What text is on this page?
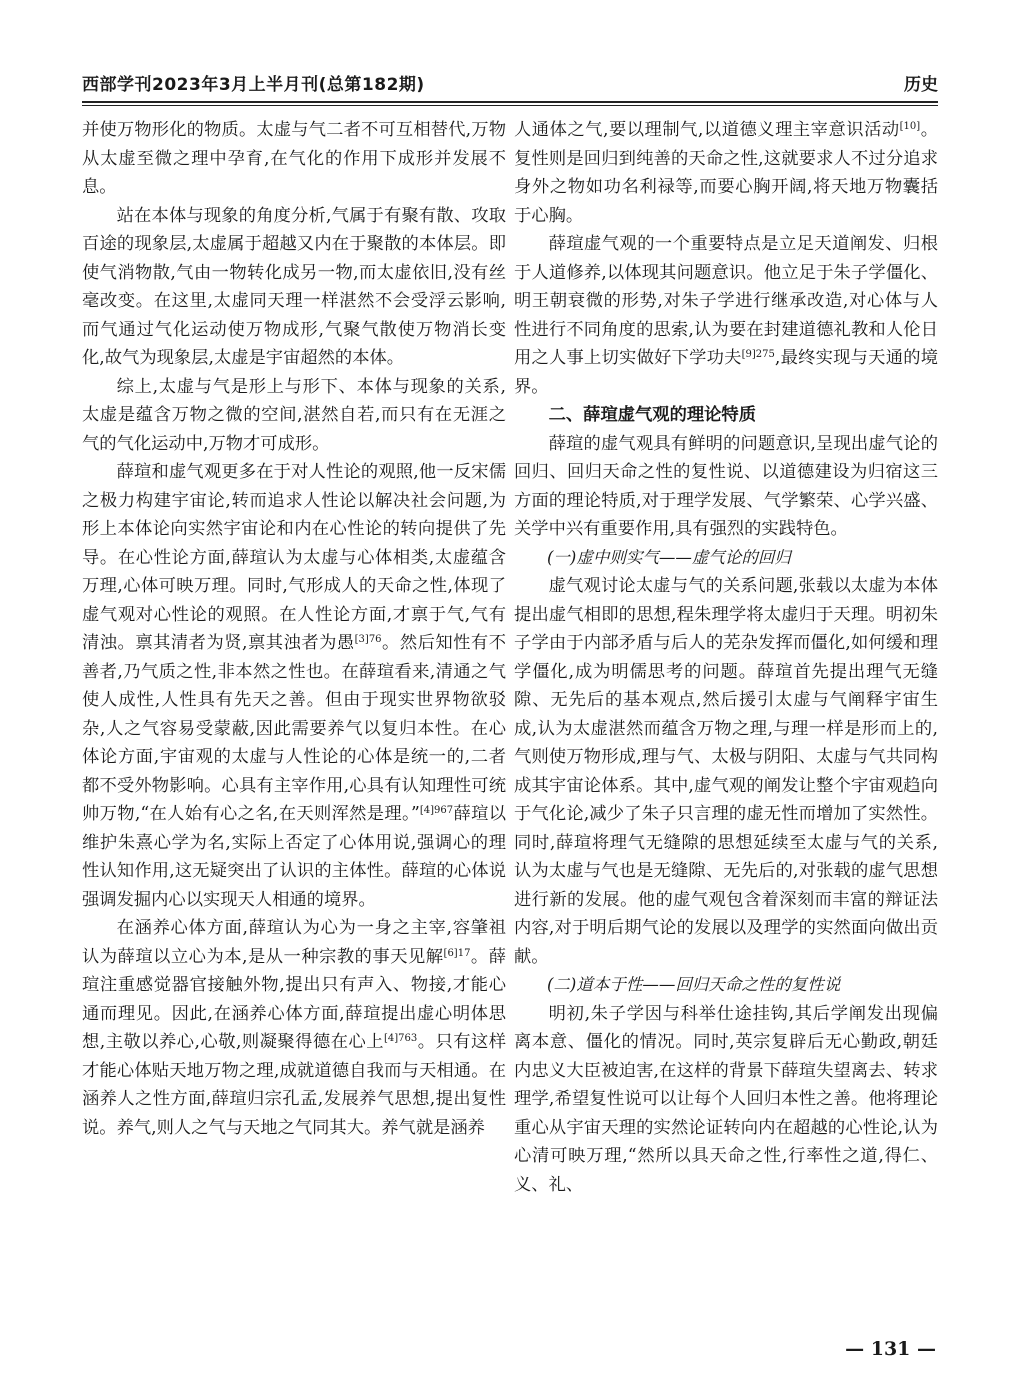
西部学刊2023年3月上半月刊(总第182期)	历史

并使万物形化的物质。太虚与气二者不可互相替代,万物从太虚至微之理中孕育,在气化的作用下成形并发展不息。

站在本体与现象的角度分析,气属于有聚有散、攻取百途的现象层,太虚属于超越又内在于聚散的本体层。即使气消物散,气由一物转化成另一物,而太虚依旧,没有丝毫改变。在这里,太虚同天理一样湛然不会受浮云影响,而气通过气化运动使万物成形,气聚气散使万物消长变化,故气为现象层,太虚是宇宙超然的本体。

综上,太虚与气是形上与形下、本体与现象的关系,太虚是蕴含万物之微的空间,湛然自若,而只有在无涯之气的气化运动中,万物才可成形。

薛瑄和虚气观更多在于对人性论的观照,他一反宋儒之极力构建宇宙论,转而追求人性论以解决社会问题,为形上本体论向实然宇宙论和内在心性论的转向提供了先导。在心性论方面,薛瑄认为太虚与心体相类,太虚蕴含万理,心体可映万理。同时,气形成人的天命之性,体现了虚气观对心性论的观照。在人性论方面,才禀于气,气有清浊。禀其清者为贤,禀其浊者为愚$^{[3]76}$。然后知性有不善者,乃气质之性,非本然之性也。在薛瑄看来,清通之气使人成性,人性具有先天之善。但由于现实世界物欲驳杂,人之气容易受蒙蔽,因此需要养气以复归本性。在心体论方面,宇宙观的太虚与人性论的心体是统一的,二者都不受外物影响。心具有主宰作用,心具有认知理性可统帅万物,“在人始有心之名,在天则浑然是理。”$^{[4]967}$薛瑄以维护朱熹心学为名,实际上否定了心体用说,强调心的理性认知作用,这无疑突出了认识的主体性。薛瑄的心体说强调发掘内心以实现天人相通的境界。

在涵养心体方面,薛瑄认为心为一身之主宰,容肇祖认为薛瑄以立心为本,是从一种宗教的事天见解$^{[6]17}$。薛瑄注重感觉器官接触外物,提出只有声入、物接,才能心通而理见。因此,在涵养心体方面,薛瑄提出虚心明体思想,主敬以养心,心敬,则凝聚得德在心上$^{[4]763}$。只有这样才能心体贴天地万物之理,成就道德自我而与天相通。在涵养人之性方面,薛瑄归宗孔孟,发展养气思想,提出复性说。养气,则人之气与天地之气同其大。养气就是涵养

人通体之气,要以理制气,以道德义理主宰意识活动[10]。复性则是回归到纯善的天命之性,这就要求人不过分追求身外之物如功名利禄等,而要心胸开阔,将天地万物囊括于心胸。

薛瑄虚气观的一个重要特点是立足天道阐发、归根于人道修养,以体现其问题意识。他立足于朱子学僵化、明王朝衰微的形势,对朱子学进行继承改造,对心体与人性进行不同角度的思索,认为要在封建道德礼教和人伦日用之人事上切实做好下学功夫$^{[9]275}$,最终实现与天通的境界。

二、薛瑄虚气观的理论特质

薛瑄的虚气观具有鲜明的问题意识,呈现出虚气论的回归、回归天命之性的复性说、以道德建设为归宿这三方面的理论特质,对于理学发展、气学繁荣、心学兴盛、关学中兴有重要作用,具有强烈的实践特色。

(一)虚中则实气——虚气论的回归

虚气观讨论太虚与气的关系问题,张载以太虚为本体提出虚气相即的思想,程朱理学将太虚归于天理。明初朱子学由于内部矛盾与后人的芜杂发挥而僵化,如何缓和理学僵化,成为明儒思考的问题。薛瑄首先提出理气无缝隙、无先后的基本观点,然后援引太虚与气阐释宇宙生成,认为太虚湛然而蕴含万物之理,与理一样是形而上的,气则使万物形成,理与气、太极与阴阳、太虚与气共同构成其宇宙论体系。其中,虚气观的阐发让整个宇宙观趋向于气化论,减少了朱子只言理的虚无性而增加了实然性。同时,薛瑄将理气无缝隙的思想延续至太虚与气的关系,认为太虚与气也是无缝隙、无先后的,对张载的虚气思想进行新的发展。他的虚气观包含着深刻而丰富的辩证法内容,对于明后期气论的发展以及理学的实然面向做出贡献。

(二)道本于性——回归天命之性的复性说

明初,朱子学因与科举仕途挂钩,其后学阐发出现偏离本意、僵化的情况。同时,英宗复辟后无心勤政,朝廷内忠义大臣被迫害,在这样的背景下薛瑄失望离去、转求理学,希望复性说可以让每个人回归本性之善。他将理论重心从宇宙天理的实然论证转向内在超越的心性论,认为心清可映万理,“然所以具天命之性,行率性之道,得仁、义、礼、

— 131 —
